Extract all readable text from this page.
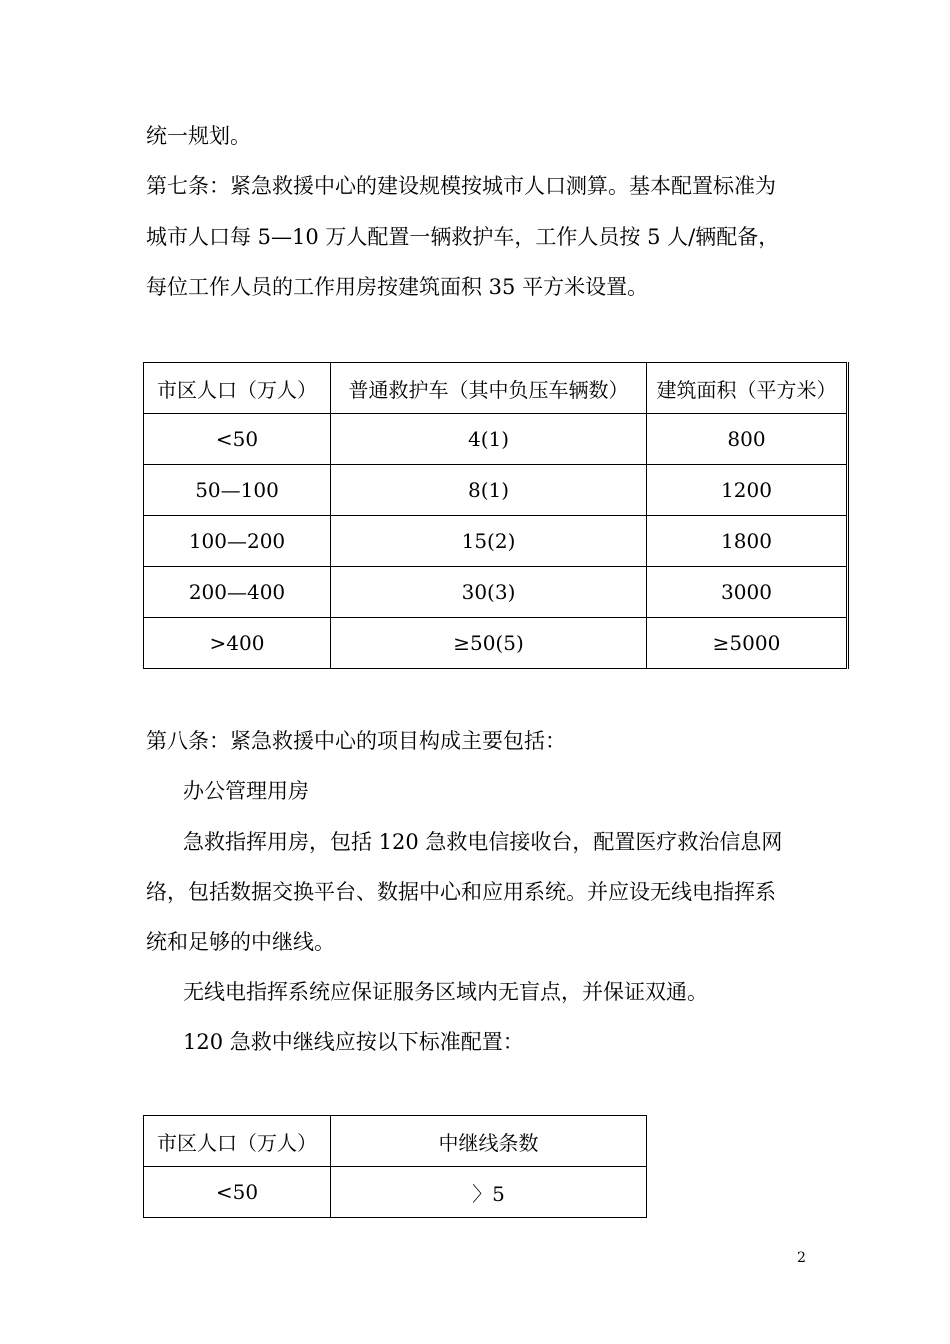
统一规划。
第七条：紧急救援中心的建设规模按城市人口测算。基本配置标准为
城市人口每 5—10 万人配置一辆救护车，工作人员按 5 人/辆配备，
每位工作人员的工作用房按建筑面积 35 平方米设置。
市区人口（万人）	普通救护车（其中负压车辆数）	建筑面积（平方米）
<50	4(1)	800
50—100	8(1)	1200
100—200	15(2)	1800
200—400	30(3)	3000
>400	≥50(5)	≥5000
第八条：紧急救援中心的项目构成主要包括：
办公管理用房
急救指挥用房，包括 120 急救电信接收台，配置医疗救治信息网
络，包括数据交换平台、数据中心和应用系统。并应设无线电指挥系
统和足够的中继线。
无线电指挥系统应保证服务区域内无盲点，并保证双通。
120 急救中继线应按以下标准配置：
市区人口（万人）	中继线条数
<50	〉5
2
